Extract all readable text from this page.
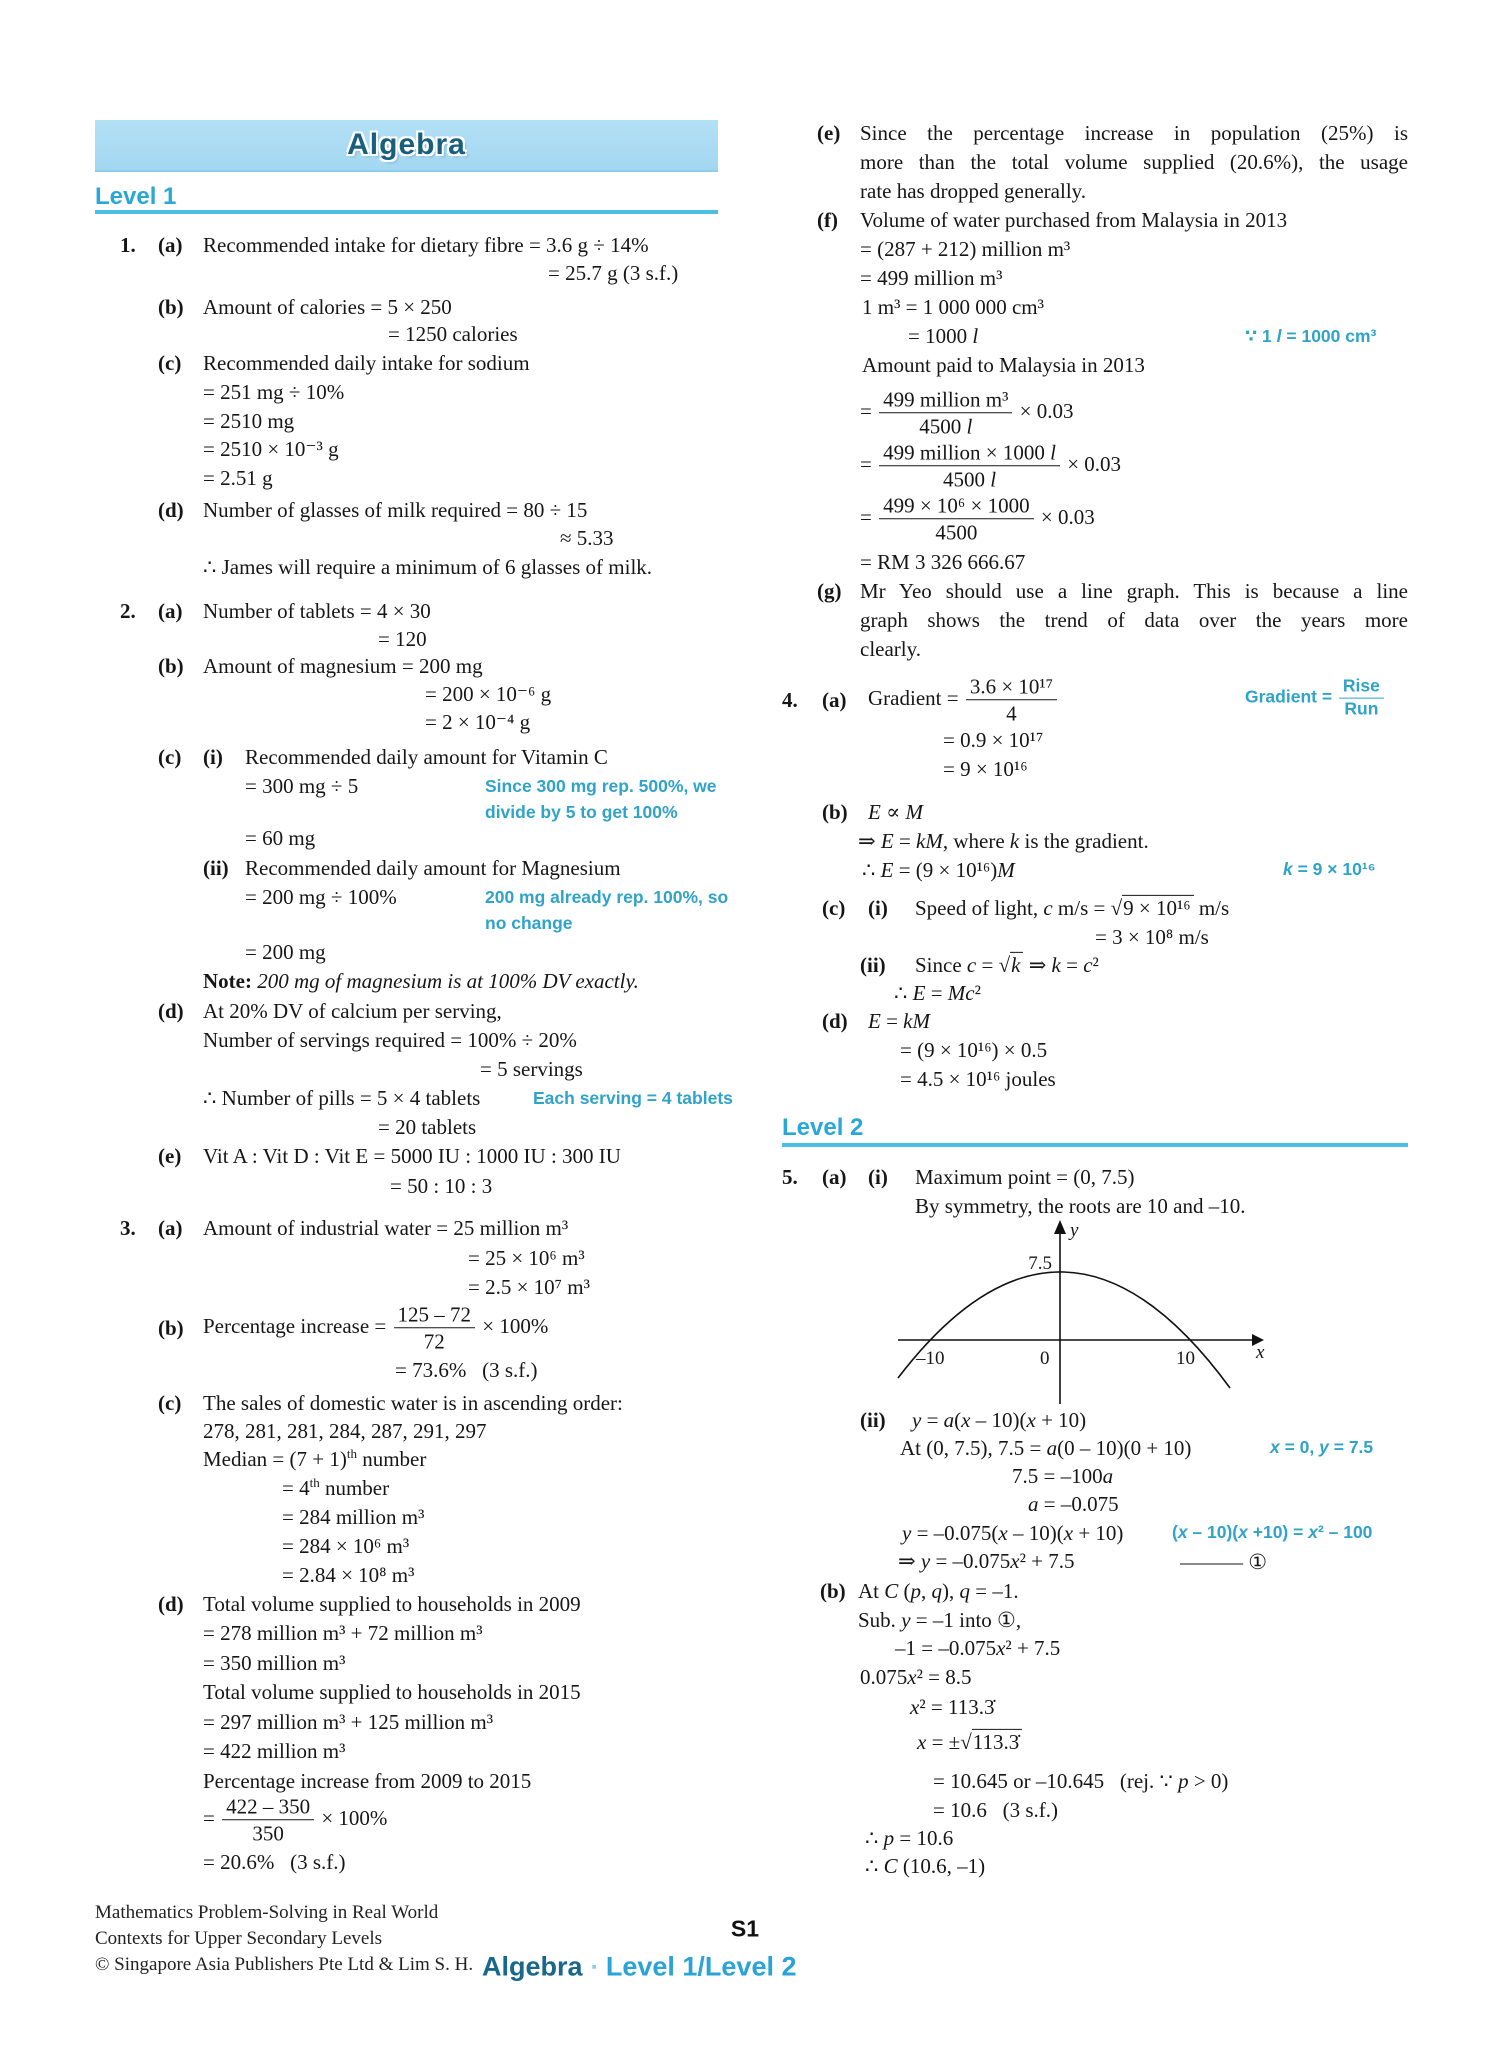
Algebra
Level 1
Level 2
7.5
y
x
–10	0	10
Mathematics Problem-Solving in Real World
Contexts for Upper Secondary Levels
© Singapore Asia Publishers Pte Ltd & Lim S. H.
S1
Algebra ▪ Level 1/Level 2
1. (a) Recommended intake for dietary fibre = 3.6 g ÷ 14%
= 25.7 g (3 s.f.)
(b) Amount of calories = 5 × 250
= 1250 calories
(c) Recommended daily intake for sodium
= 251 mg ÷ 10%
= 2510 mg
= 2510 × 10⁻³ g
= 2.51 g
(d) Number of glasses of milk required = 80 ÷ 15
≈ 5.33
∴ James will require a minimum of 6 glasses of milk.
2. (a) Number of tablets = 4 × 30
= 120
(b) Amount of magnesium = 200 mg
= 200 × 10⁻⁶ g
= 2 × 10⁻⁴ g
(c) (i) Recommended daily amount for Vitamin C
= 300 mg ÷ 5	Since 300 mg rep. 500%, we
divide by 5 to get 100%
= 60 mg
(ii) Recommended daily amount for Magnesium
= 200 mg ÷ 100%	200 mg already rep. 100%, so
no change
= 200 mg
Note: 200 mg of magnesium is at 100% DV exactly.
(d) At 20% DV of calcium per serving,
Number of servings required = 100% ÷ 20%
= 5 servings
∴ Number of pills = 5 × 4 tablets	Each serving = 4 tablets
= 20 tablets
(e) Vit A : Vit D : Vit E = 5000 IU : 1000 IU : 300 IU
= 50 : 10 : 3
3. (a) Amount of industrial water = 25 million m³
= 25 × 10⁶ m³
= 2.5 × 10⁷ m³
(b) Percentage increase = $\frac{125 - 72}{72} \times 100\%$
= 73.6%   (3 s.f.)
(c) The sales of domestic water is in ascending order:
278, 281, 281, 284, 287, 291, 297
Median = $(7 + 1)^{th}$ number
= 4th number
= 284 million m³
= 284 × 10⁶ m³
= 2.84 × 10⁸ m³
(d) Total volume supplied to households in 2009
= 278 million m³ + 72 million m³
= 350 million m³
Total volume supplied to households in 2015
= 297 million m³ + 125 million m³
= 422 million m³
Percentage increase from 2009 to 2015
= $\frac{422 - 350}{350} \times 100\%$
= 20.6%   (3 s.f.)
(e) Since the percentage increase in population (25%) is
more than the total volume supplied (20.6%), the usage
rate has dropped generally.
(f) Volume of water purchased from Malaysia in 2013
= (287 + 212) million m³
= 499 million m³
1 m³ = 1 000 000 cm³
= 1000 l	∵ 1 l = 1000 cm³
Amount paid to Malaysia in 2013
= 499 million m³
4500 l
× 0.03
= 499 million × 1000 l
4500 l
× 0.03
= $\frac{\text{499 × 10⁶ × 1000}}{4500} \times 0.03$
= RM 3 326 666.67
(g) Mr Yeo should use a line graph. This is because a line
graph shows the trend of data over the years more
clearly.
4. (a) Gradient = $\frac{\text{3.6 × 10¹⁷}}{4}$	Gradient =
Rise
Run
= 0.9 × 10¹⁷
= 9 × 10¹⁶
(b) E ∝ M
⇒ E = kM, where k is the gradient.
∴ E = (9 × 10¹⁶)M	k = 9 × 10¹⁶
(c) (i) Speed of light, c m/s = √9 × 10¹⁶ m/s
= 3 × 10⁸ m/s
(ii) Since c = √k ⇒ k = c²
∴ E = Mc²
(d) E = kM
= (9 × 10¹⁶) × 0.5
= 4.5 × 10¹⁶ joules
5. (a) (i) Maximum point = (0, 7.5)
By symmetry, the roots are 10 and –10.
(ii) y = a(x – 10)(x + 10)
At (0, 7.5), 7.5 = a(0 – 10)(0 + 10)	x = 0, y = 7.5
7.5 = –100a
a = –0.075
y = –0.075(x – 10)(x + 10)	(x – 10)(x +10) = x² – 100
⇒ y = –0.075x² + 7.5	——— ①
(b) At C (p, q), q = –1.
Sub. y = –1 into ①,
–1 = –0.075x² + 7.5
0.075x² = 8.5
x² = 113.3̇
x = ±√113.3̇
= 10.645 or –10.645   (rej. ∵ p > 0)
= 10.6   (3 s.f.)
∴ p = 10.6
∴ C (10.6, –1)
